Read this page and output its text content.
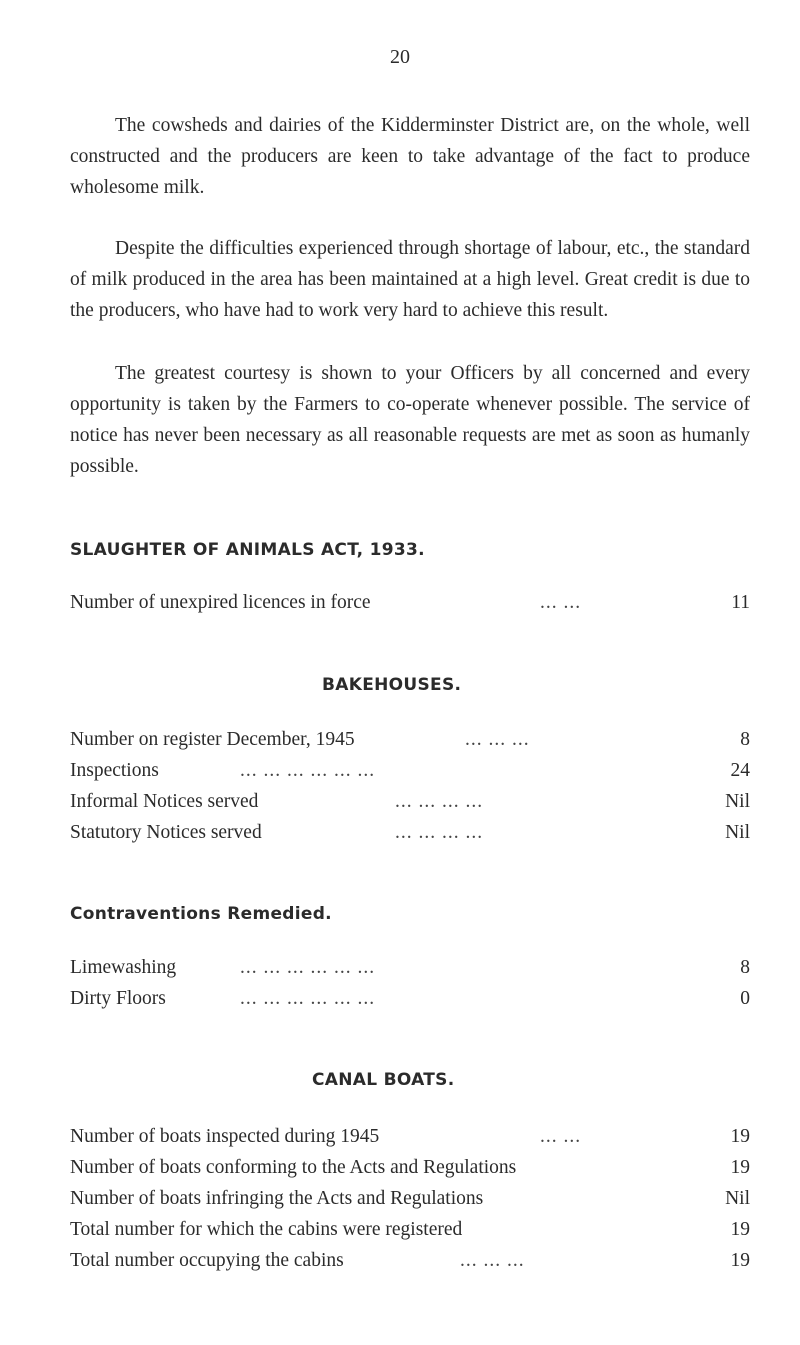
20
The cowsheds and dairies of the Kidderminster District are, on the whole, well constructed and the producers are keen to take advantage of the fact to produce wholesome milk.
Despite the difficulties experienced through shortage of labour, etc., the standard of milk produced in the area has been maintained at a high level. Great credit is due to the producers, who have had to work very hard to achieve this result.
The greatest courtesy is shown to your Officers by all concerned and every opportunity is taken by the Farmers to co-operate whenever possible. The service of notice has never been necessary as all reasonable requests are met as soon as humanly possible.
SLAUGHTER OF ANIMALS ACT, 1933.
Number of unexpired licences in force	... ...	11
BAKEHOUSES.
Number on register December, 1945	... ... ...	8
Inspections	... ... ... ... ... ...	24
Informal Notices served	... ... ... ...	Nil
Statutory Notices served	... ... ... ...	Nil
Contraventions Remedied.
Limewashing	... ... ... ... ... ...	8
Dirty Floors	... ... ... ... ... ...	0
CANAL BOATS.
Number of boats inspected during 1945	... ...	19
Number of boats conforming to the Acts and Regulations	19
Number of boats infringing the Acts and Regulations	Nil
Total number for which the cabins were registered	19
Total number occupying the cabins	... ... ...	19
